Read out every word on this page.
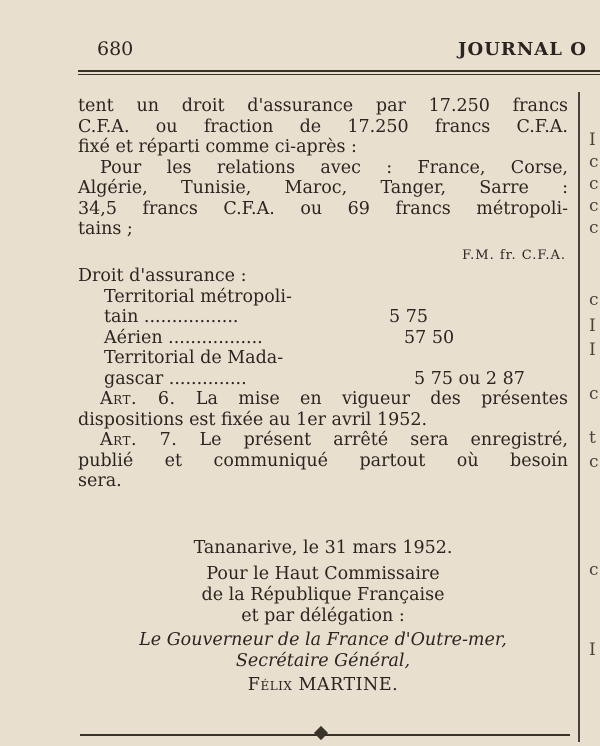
680	JOURNAL O
tent un droit d'assurance par 17.250 francs
C.F.A. ou fraction de 17.250 francs C.F.A.
fixé et réparti comme ci-après :
Pour les relations avec : France, Corse,
Algérie, Tunisie, Maroc, Tanger, Sarre :
34,5 francs C.F.A. ou 69 francs métropoli-
tains ;
F.M. fr. C.F.A.
Droit d'assurance :
Territorial métropoli-
tain .................	5 75
Aérien .................	57 50
Territorial de Mada-
gascar ..............	5 75 ou 2 87
Art. 6. La mise en vigueur des présentes
dispositions est fixée au 1er avril 1952.
Art. 7. Le présent arrêté sera enregistré,
publié et communiqué partout où besoin
sera.
Tananarive, le 31 mars 1952.
Pour le Haut Commissaire
de la République Française
et par délégation :
Le Gouverneur de la France d'Outre-mer,
Secrétaire Général,
Félix MARTINE.
I
c
c
c
c
c
I
I
c
t
c
c
I
